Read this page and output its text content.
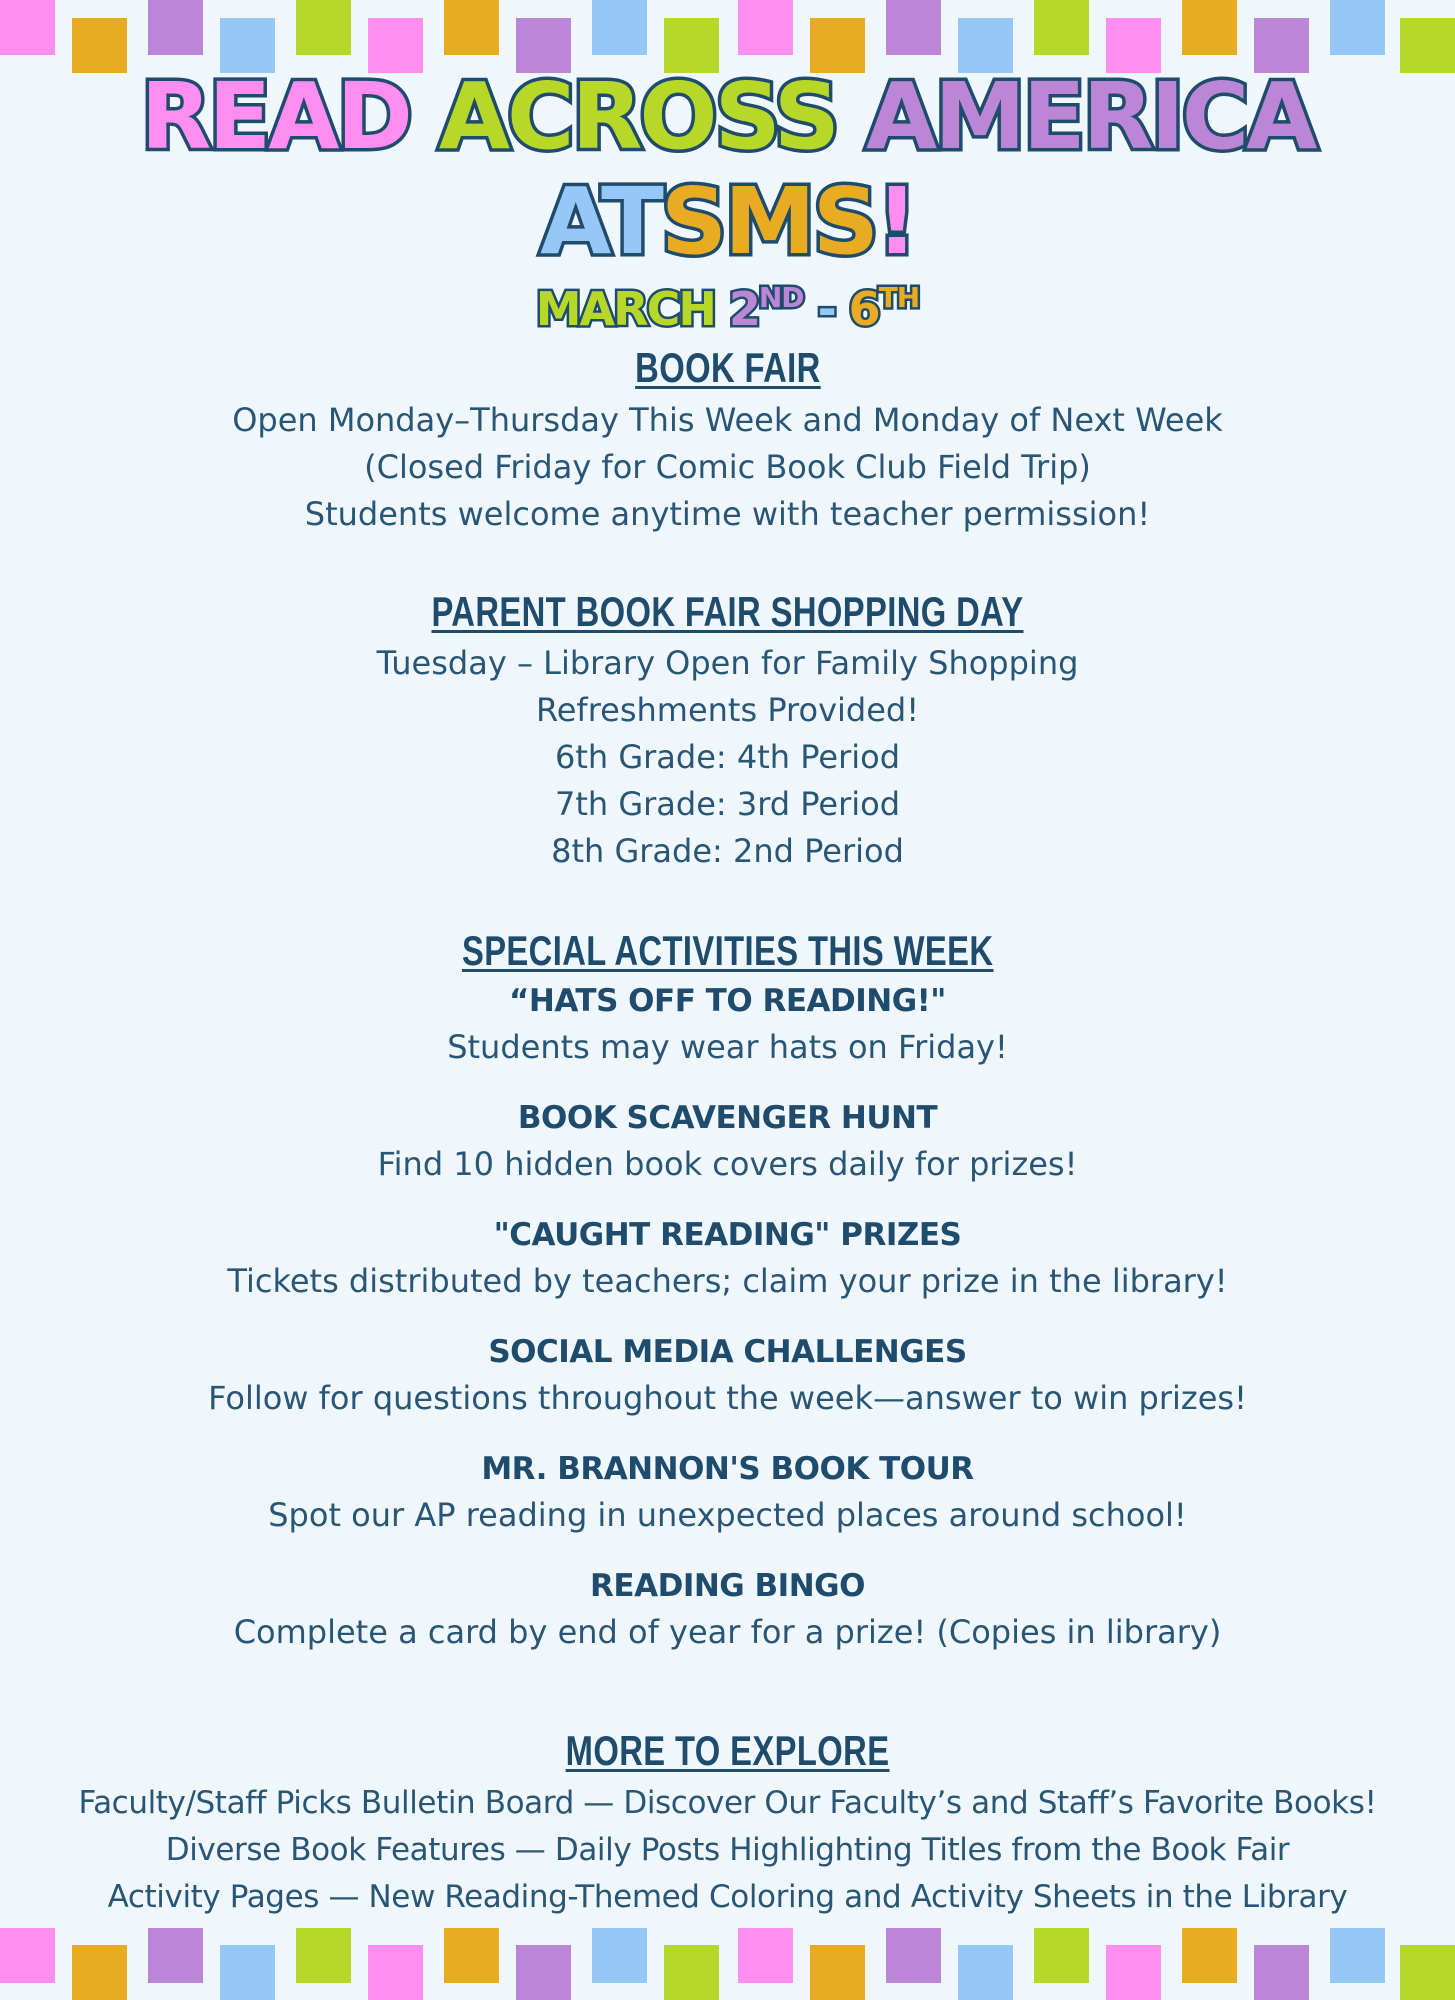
READ ACROSS AMERICA
ATSMS!
MARCH 2ND - 6TH
BOOK FAIR
Open Monday–Thursday This Week and Monday of Next Week
(Closed Friday for Comic Book Club Field Trip)
Students welcome anytime with teacher permission!
PARENT BOOK FAIR SHOPPING DAY
Tuesday – Library Open for Family Shopping
Refreshments Provided!
6th Grade: 4th Period
7th Grade: 3rd Period
8th Grade: 2nd Period
SPECIAL ACTIVITIES THIS WEEK
“HATS OFF TO READING!"
Students may wear hats on Friday!
BOOK SCAVENGER HUNT
Find 10 hidden book covers daily for prizes!
"CAUGHT READING" PRIZES
Tickets distributed by teachers; claim your prize in the library!
SOCIAL MEDIA CHALLENGES
Follow for questions throughout the week—answer to win prizes!
MR. BRANNON'S BOOK TOUR
Spot our AP reading in unexpected places around school!
READING BINGO
Complete a card by end of year for a prize! (Copies in library)
MORE TO EXPLORE
Faculty/Staff Picks Bulletin Board — Discover Our Faculty’s and Staff’s Favorite Books!
Diverse Book Features — Daily Posts Highlighting Titles from the Book Fair
Activity Pages — New Reading-Themed Coloring and Activity Sheets in the Library
